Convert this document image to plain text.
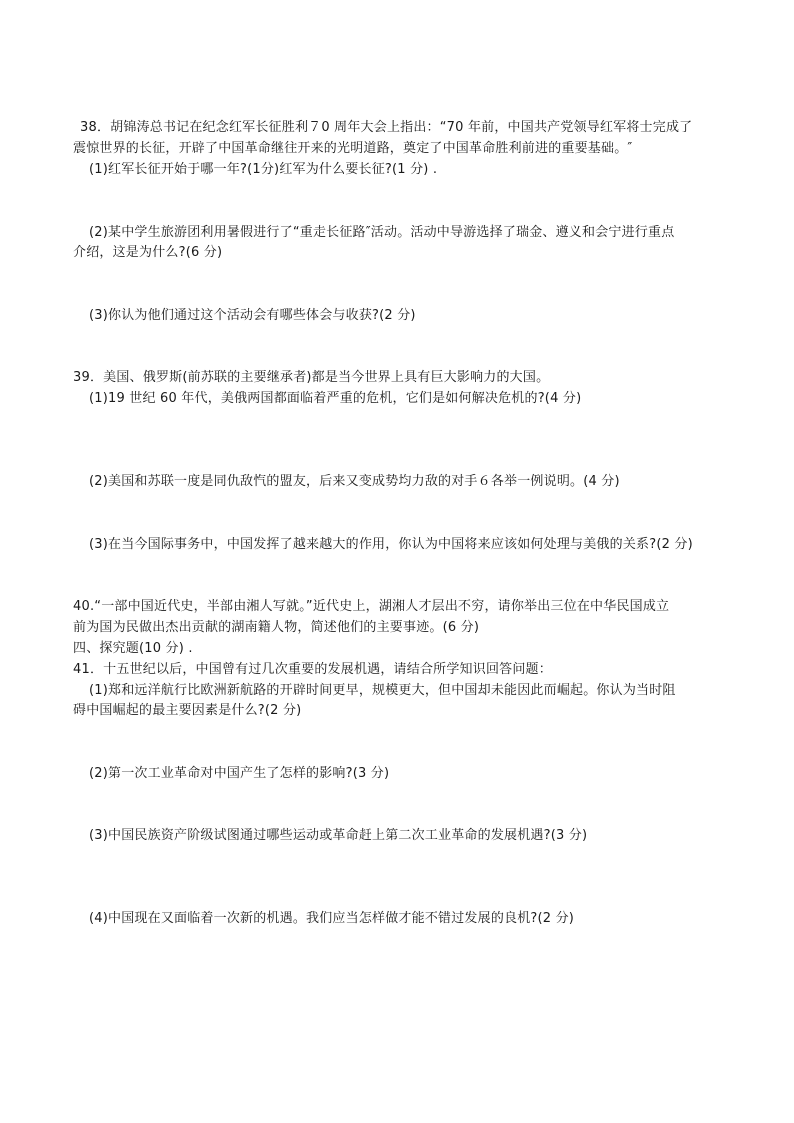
38．胡锦涛总书记在纪念红军长征胜利７0 周年大会上指出：“70 年前，中国共产党领导红军将士完成了
震惊世界的长征，开辟了中国革命继往开来的光明道路，奠定了中国革命胜利前进的重要基础。″
(1)红军长征开始于哪一年?(1分)红军为什么要长征?(1 分) .
(2)某中学生旅游团利用暑假进行了“重走长征路″活动。活动中导游选择了瑞金、遵义和会宁进行重点
介绍，这是为什么?(6 分)
(3)你认为他们通过这个活动会有哪些体会与收获?(2 分)
39．美国、俄罗斯(前苏联的主要继承者)都是当今世界上具有巨大影响力的大国。
(1)19 世纪 60 年代，美俄两国都面临着严重的危机，它们是如何解决危机的?(4 分)
(2)美国和苏联一度是同仇敌忾的盟友，后来又变成势均力敌的对手６各举一例说明。(4 分)
(3)在当今国际事务中，中国发挥了越来越大的作用，你认为中国将来应该如何处理与美俄的关系?(2 分)
40.“一部中国近代史，半部由湘人写就。”近代史上，湖湘人才层出不穷，请你举出三位在中华民国成立
前为国为民做出杰出贡献的湖南籍人物，简述他们的主要事迹。(6 分)
四、探究题(10 分) .
41．十五世纪以后，中国曾有过几次重要的发展机遇，请结合所学知识回答问题：
(1)郑和远洋航行比欧洲新航路的开辟时间更早，规模更大，但中国却未能因此而崛起。你认为当时阻
碍中国崛起的最主要因素是什么?(2 分)
(2)第一次工业革命对中国产生了怎样的影响?(3 分)
(3)中国民族资产阶级试图通过哪些运动或革命赶上第二次工业革命的发展机遇?(3 分)
(4)中国现在又面临着一次新的机遇。我们应当怎样做才能不错过发展的良机?(2 分)
